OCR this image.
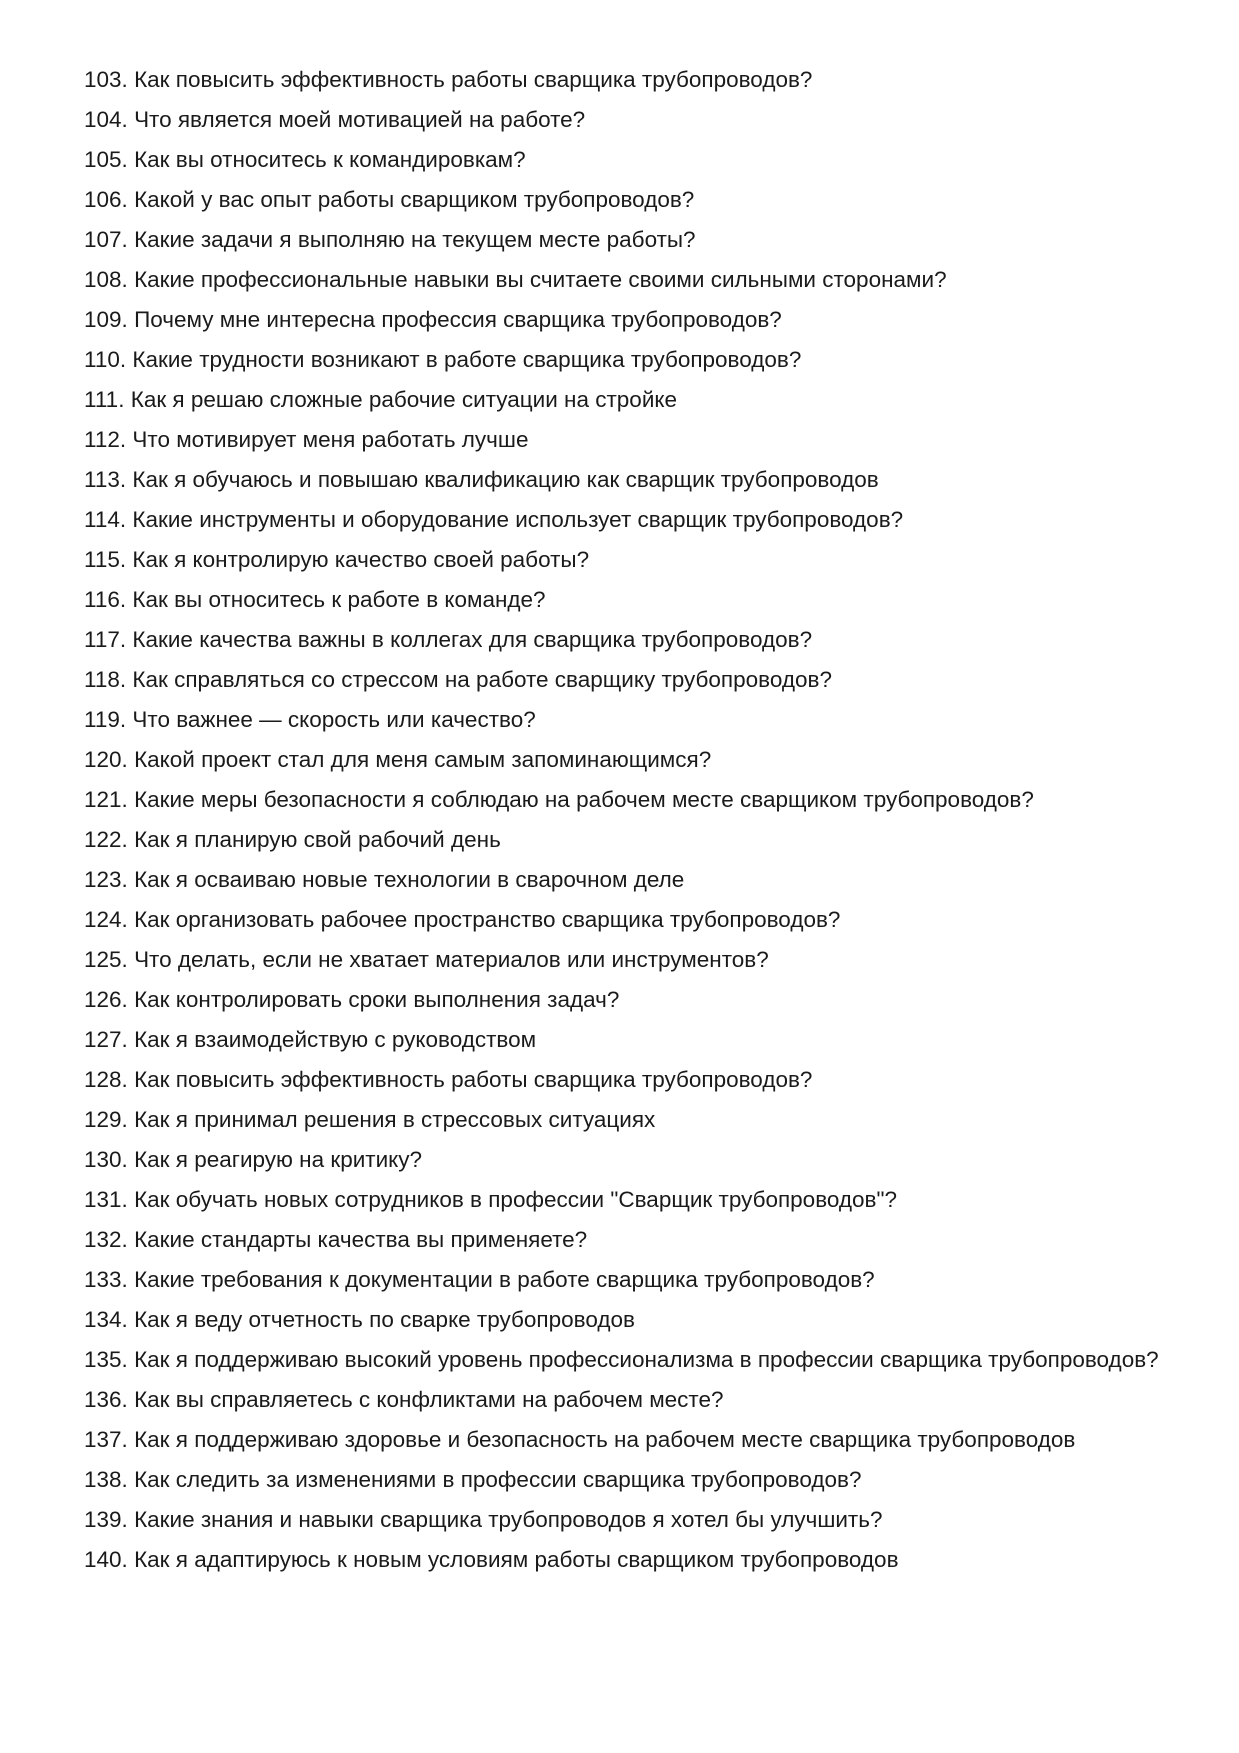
103. Как повысить эффективность работы сварщика трубопроводов?
104. Что является моей мотивацией на работе?
105. Как вы относитесь к командировкам?
106. Какой у вас опыт работы сварщиком трубопроводов?
107. Какие задачи я выполняю на текущем месте работы?
108. Какие профессиональные навыки вы считаете своими сильными сторонами?
109. Почему мне интересна профессия сварщика трубопроводов?
110. Какие трудности возникают в работе сварщика трубопроводов?
111. Как я решаю сложные рабочие ситуации на стройке
112. Что мотивирует меня работать лучше
113. Как я обучаюсь и повышаю квалификацию как сварщик трубопроводов
114. Какие инструменты и оборудование использует сварщик трубопроводов?
115. Как я контролирую качество своей работы?
116. Как вы относитесь к работе в команде?
117. Какие качества важны в коллегах для сварщика трубопроводов?
118. Как справляться со стрессом на работе сварщику трубопроводов?
119. Что важнее — скорость или качество?
120. Какой проект стал для меня самым запоминающимся?
121. Какие меры безопасности я соблюдаю на рабочем месте сварщиком трубопроводов?
122. Как я планирую свой рабочий день
123. Как я осваиваю новые технологии в сварочном деле
124. Как организовать рабочее пространство сварщика трубопроводов?
125. Что делать, если не хватает материалов или инструментов?
126. Как контролировать сроки выполнения задач?
127. Как я взаимодействую с руководством
128. Как повысить эффективность работы сварщика трубопроводов?
129. Как я принимал решения в стрессовых ситуациях
130. Как я реагирую на критику?
131. Как обучать новых сотрудников в профессии "Сварщик трубопроводов"?
132. Какие стандарты качества вы применяете?
133. Какие требования к документации в работе сварщика трубопроводов?
134. Как я веду отчетность по сварке трубопроводов
135. Как я поддерживаю высокий уровень профессионализма в профессии сварщика трубопроводов?
136. Как вы справляетесь с конфликтами на рабочем месте?
137. Как я поддерживаю здоровье и безопасность на рабочем месте сварщика трубопроводов
138. Как следить за изменениями в профессии сварщика трубопроводов?
139. Какие знания и навыки сварщика трубопроводов я хотел бы улучшить?
140. Как я адаптируюсь к новым условиям работы сварщиком трубопроводов
